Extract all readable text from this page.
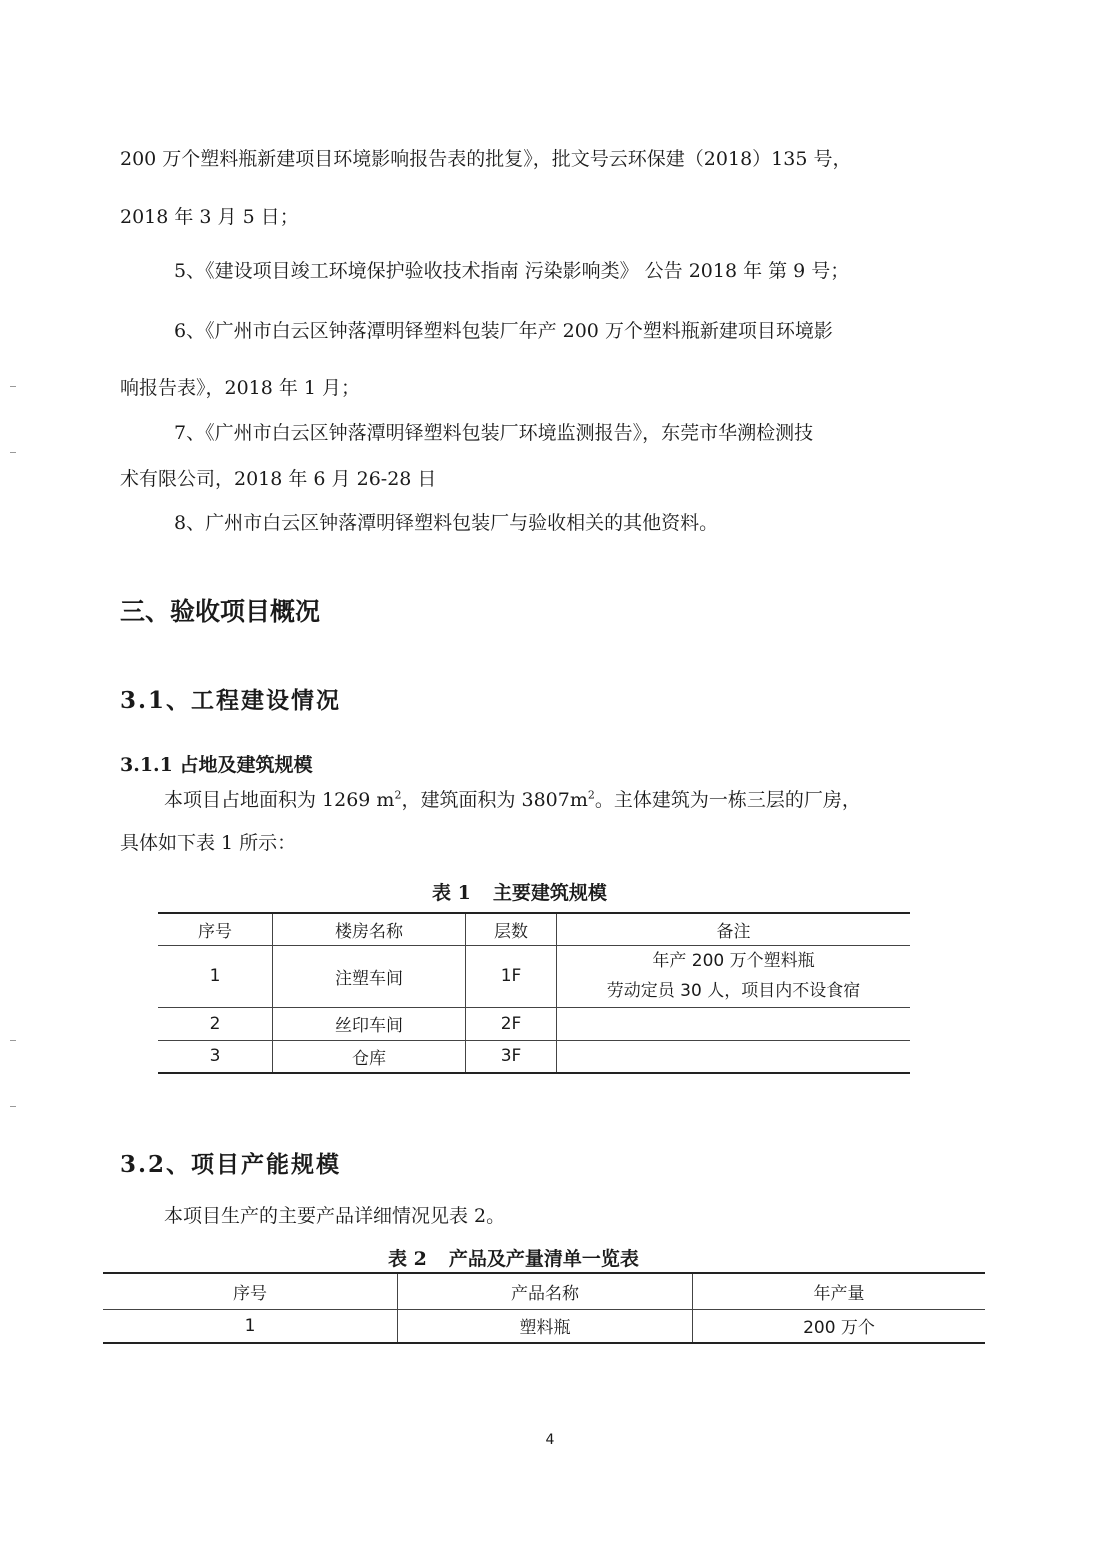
200 万个塑料瓶新建项目环境影响报告表的批复》，批文号云环保建（2018）135 号，
2018 年 3 月 5 日；
5、《建设项目竣工环境保护验收技术指南 污染影响类》 公告 2018 年 第 9 号；
6、《广州市白云区钟落潭明铎塑料包装厂年产 200 万个塑料瓶新建项目环境影
响报告表》，2018 年 1 月；
7、《广州市白云区钟落潭明铎塑料包装厂环境监测报告》，东莞市华溯检测技
术有限公司，2018 年 6 月 26-28 日
8、广州市白云区钟落潭明铎塑料包装厂与验收相关的其他资料。
三、验收项目概况
3.1、工程建设情况
3.1.1 占地及建筑规模
本项目占地面积为 1269 $m^2$，建筑面积为 $3807m^2$。主体建筑为一栋三层的厂房，
具体如下表 1 所示：
表 1 主要建筑规模
序号	楼房名称	层数	备注
1	注塑车间	1F	年产 200 万个塑料瓶
劳动定员 30 人，项目内不设食宿

2	丝印车间	2F	
3	仓库	3F	
3.2、项目产能规模
本项目生产的主要产品详细情况见表 2。
表 2 产品及产量清单一览表
序号	产品名称	年产量
1	塑料瓶	200 万个
4
